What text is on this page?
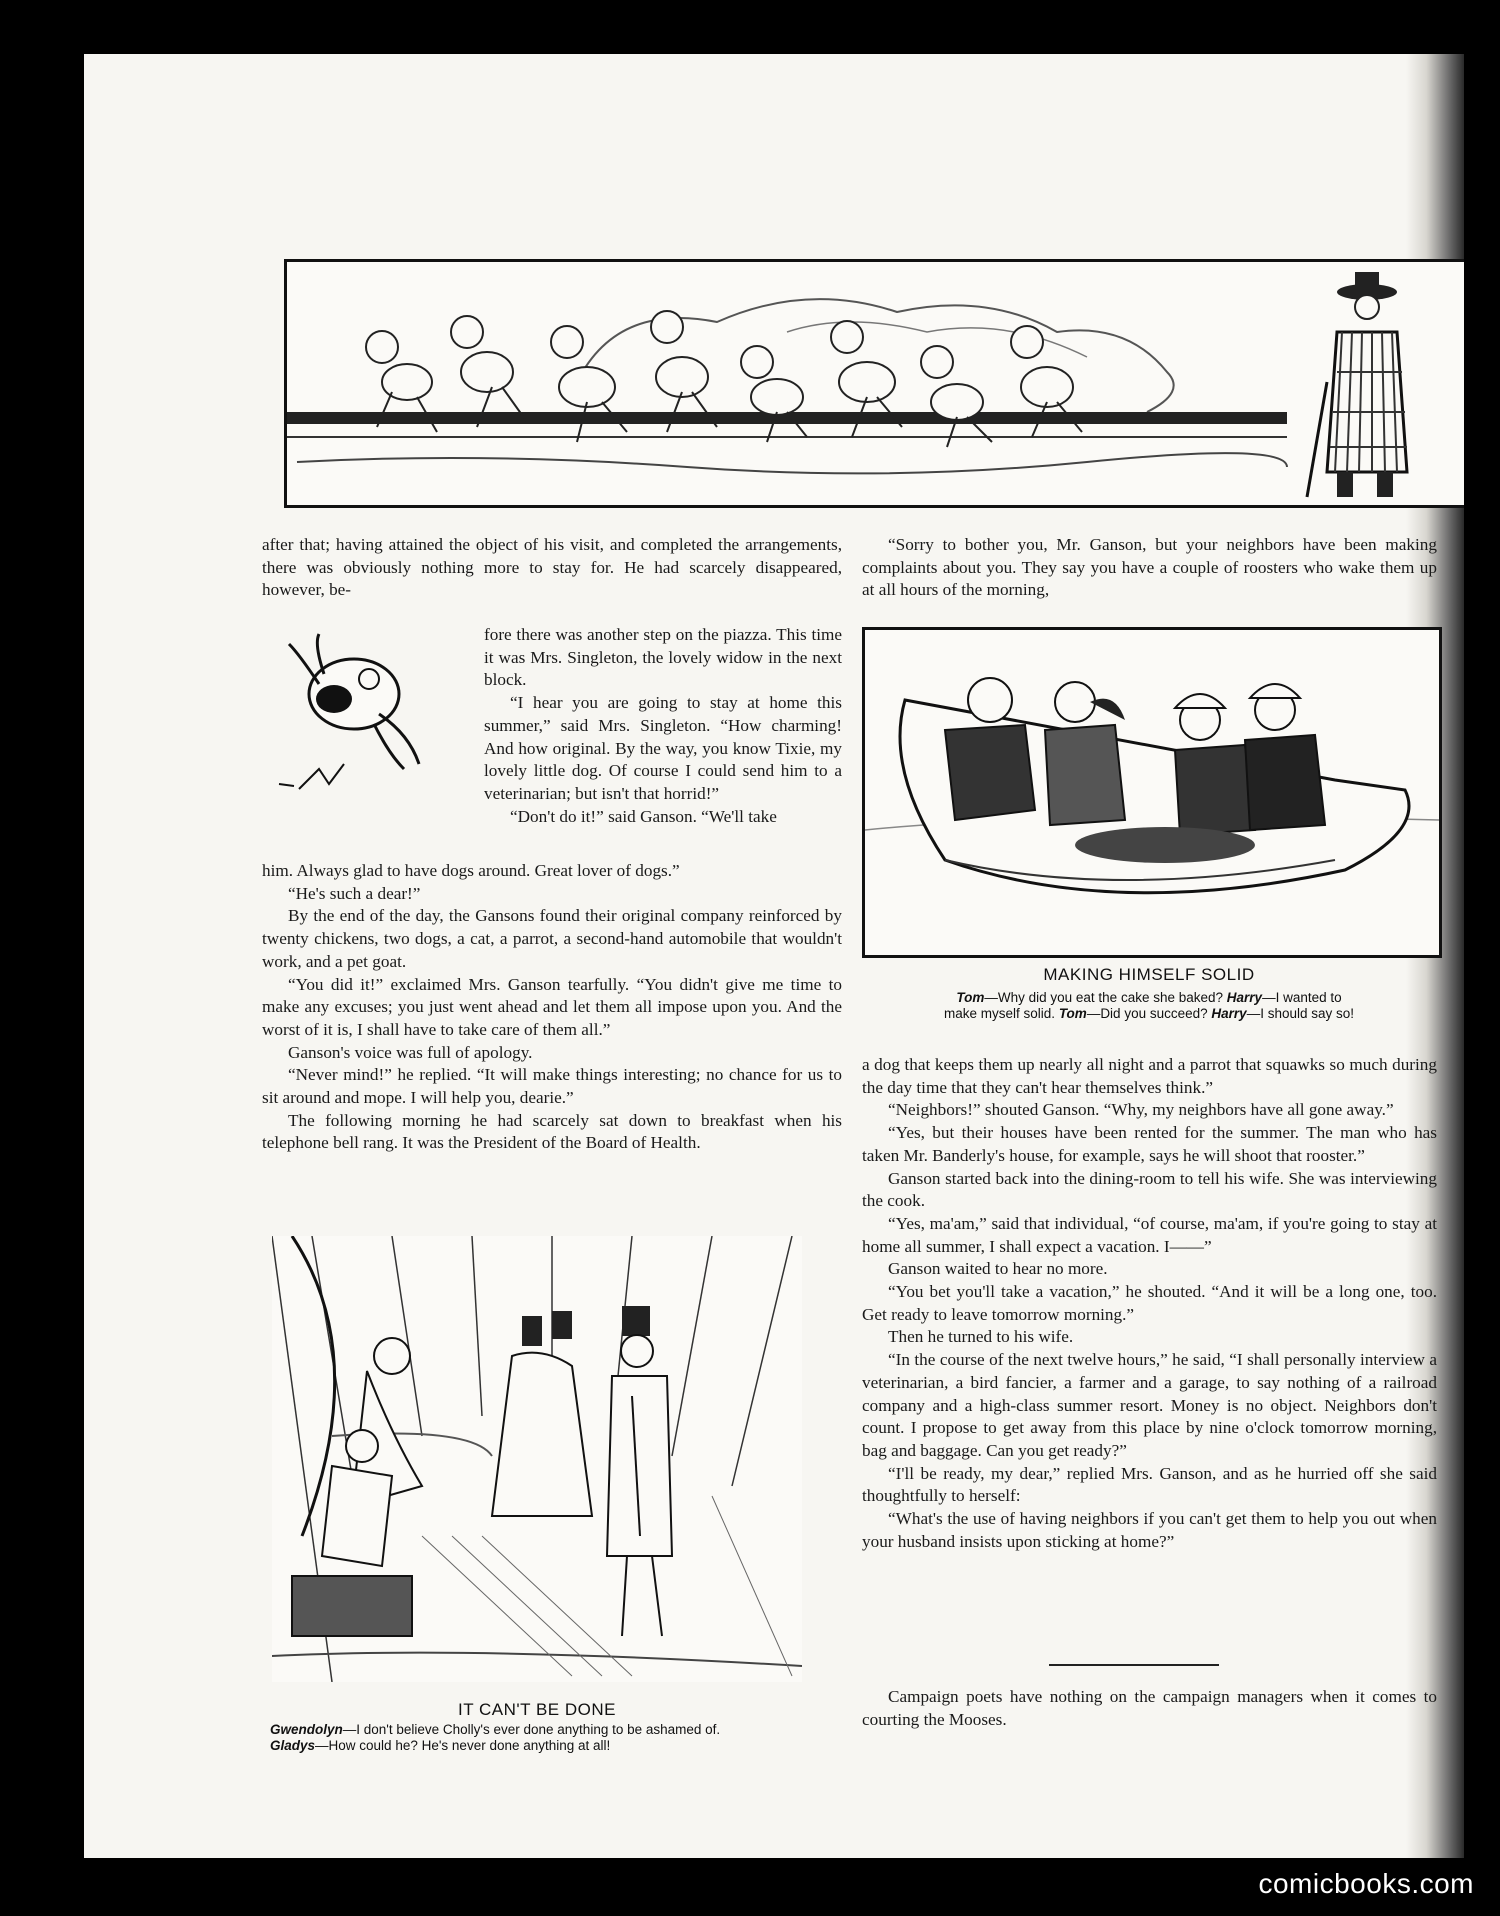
after that; having attained the object of his visit, and completed the arrangements, there was obviously nothing more to stay for. He had scarcely disappeared, however, be-

fore there was another step on the piazza. This time it was Mrs. Singleton, the lovely widow in the next block.

“I hear you are going to stay at home this summer,” said Mrs. Singleton. “How charming! And how original. By the way, you know Tixie, my lovely little dog. Of course I could send him to a veterinarian; but isn't that horrid!”

“Don't do it!” said Ganson. “We'll take

him. Always glad to have dogs around. Great lover of dogs.”

“He's such a dear!”

By the end of the day, the Gansons found their original company reinforced by twenty chickens, two dogs, a cat, a parrot, a second-hand automobile that wouldn't work, and a pet goat.

“You did it!” exclaimed Mrs. Ganson tearfully. “You didn't give me time to make any excuses; you just went ahead and let them all impose upon you. And the worst of it is, I shall have to take care of them all.”

Ganson's voice was full of apology.

“Never mind!” he replied. “It will make things interesting; no chance for us to sit around and mope. I will help you, dearie.”

The following morning he had scarcely sat down to breakfast when his telephone bell rang. It was the President of the Board of Health.

IT CAN'T BE DONE
Gwendolyn—I don't believe Cholly's ever done anything to be ashamed of.
Gladys—How could he? He's never done anything at all!

“Sorry to bother you, Mr. Ganson, but your neighbors have been making complaints about you. They say you have a couple of roosters who wake them up at all hours of the morning,

MAKING HIMSELF SOLID
Tom—Why did you eat the cake she baked? Harry—I wanted to
make myself solid. Tom—Did you succeed? Harry—I should say so!

a dog that keeps them up nearly all night and a parrot that squawks so much during the day time that they can't hear themselves think.”

“Neighbors!” shouted Ganson. “Why, my neighbors have all gone away.”

“Yes, but their houses have been rented for the summer. The man who has taken Mr. Banderly's house, for example, says he will shoot that rooster.”

Ganson started back into the dining-room to tell his wife. She was interviewing the cook.

“Yes, ma'am,” said that individual, “of course, ma'am, if you're going to stay at home all summer, I shall expect a vacation. I——”

Ganson waited to hear no more.

“You bet you'll take a vacation,” he shouted. “And it will be a long one, too. Get ready to leave tomorrow morning.”

Then he turned to his wife.

“In the course of the next twelve hours,” he said, “I shall personally interview a veterinarian, a bird fancier, a farmer and a garage, to say nothing of a railroad company and a high-class summer resort. Money is no object. Neighbors don't count. I propose to get away from this place by nine o'clock tomorrow morning, bag and baggage. Can you get ready?”

“I'll be ready, my dear,” replied Mrs. Ganson, and as he hurried off she said thoughtfully to herself:

“What's the use of having neighbors if you can't get them to help you out when your husband insists upon sticking at home?”

Campaign poets have nothing on the campaign managers when it comes to courting the Mooses.

comicbooks.com
